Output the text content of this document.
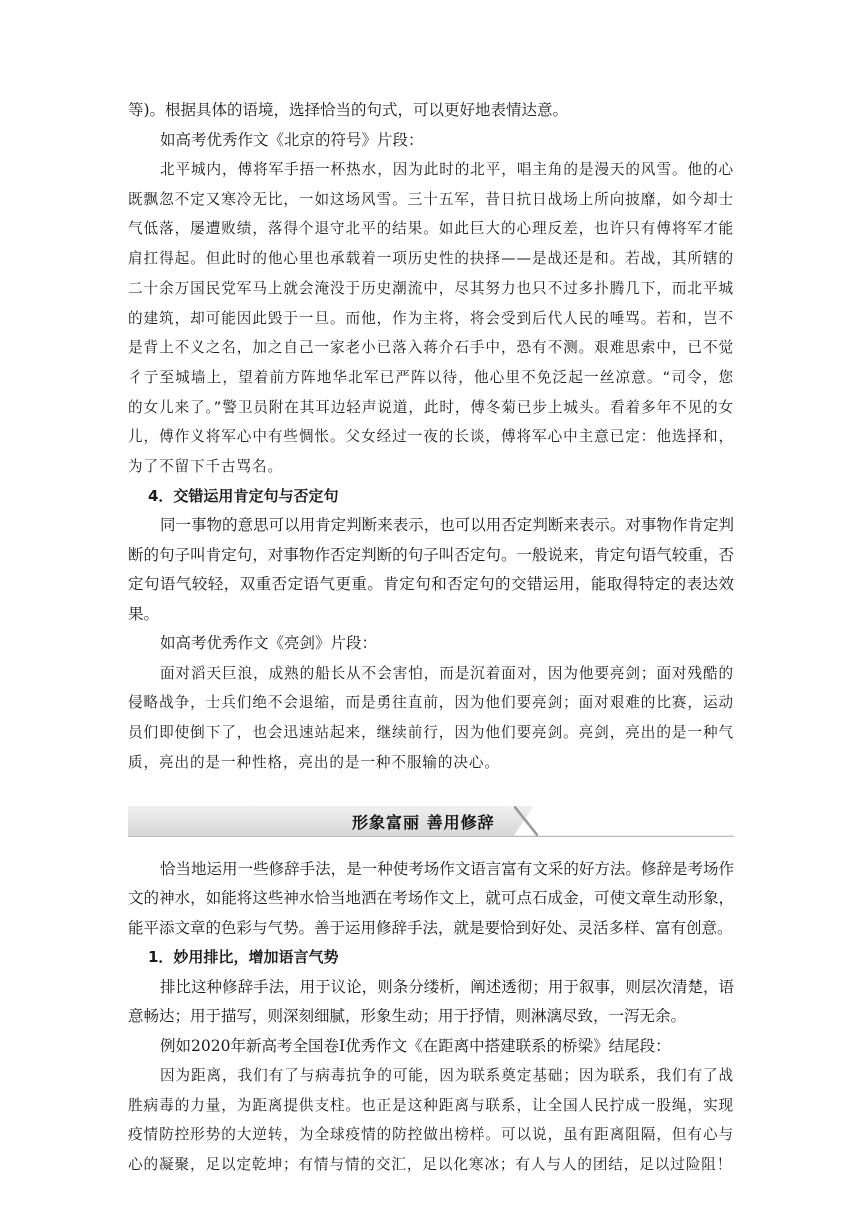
等)。根据具体的语境，选择恰当的句式，可以更好地表情达意。

如高考优秀作文《北京的符号》片段：

北平城内，傅将军手捂一杯热水，因为此时的北平，唱主角的是漫天的风雪。他的心既飘忽不定又寒冷无比，一如这场风雪。三十五军，昔日抗日战场上所向披靡，如今却士气低落，屡遭败绩，落得个退守北平的结果。如此巨大的心理反差，也许只有傅将军才能肩扛得起。但此时的他心里也承载着一项历史性的抉择——是战还是和。若战，其所辖的二十余万国民党军马上就会淹没于历史潮流中，尽其努力也只不过多扑腾几下，而北平城的建筑，却可能因此毁于一旦。而他，作为主将，将会受到后代人民的唾骂。若和，岂不是背上不义之名，加之自己一家老小已落入蒋介石手中，恐有不测。艰难思索中，已不觉彳亍至城墙上，望着前方阵地华北军已严阵以待，他心里不免泛起一丝凉意。“司令，您的女儿来了。”警卫员附在其耳边轻声说道，此时，傅冬菊已步上城头。看着多年不见的女儿，傅作义将军心中有些惆怅。父女经过一夜的长谈，傅将军心中主意已定：他选择和，为了不留下千古骂名。

4．交错运用肯定句与否定句

同一事物的意思可以用肯定判断来表示，也可以用否定判断来表示。对事物作肯定判断的句子叫肯定句，对事物作否定判断的句子叫否定句。一般说来，肯定句语气较重，否定句语气较轻，双重否定语气更重。肯定句和否定句的交错运用，能取得特定的表达效果。

如高考优秀作文《亮剑》片段：

面对滔天巨浪，成熟的船长从不会害怕，而是沉着面对，因为他要亮剑；面对残酷的侵略战争，士兵们绝不会退缩，而是勇往直前，因为他们要亮剑；面对艰难的比赛，运动员们即使倒下了，也会迅速站起来，继续前行，因为他们要亮剑。亮剑，亮出的是一种气质，亮出的是一种性格，亮出的是一种不服输的决心。

形象富丽 善用修辞

恰当地运用一些修辞手法，是一种使考场作文语言富有文采的好方法。修辞是考场作文的神水，如能将这些神水恰当地洒在考场作文上，就可点石成金，可使文章生动形象，能平添文章的色彩与气势。善于运用修辞手法，就是要恰到好处、灵活多样、富有创意。

1．妙用排比，增加语言气势

排比这种修辞手法，用于议论，则条分缕析，阐述透彻；用于叙事，则层次清楚，语意畅达；用于描写，则深刻细腻，形象生动；用于抒情，则淋漓尽致，一泻无余。

例如2020年新高考全国卷Ⅰ优秀作文《在距离中搭建联系的桥梁》结尾段：

因为距离，我们有了与病毒抗争的可能，因为联系奠定基础；因为联系，我们有了战胜病毒的力量，为距离提供支柱。也正是这种距离与联系，让全国人民拧成一股绳，实现疫情防控形势的大逆转，为全球疫情的防控做出榜样。可以说，虽有距离阻隔，但有心与心的凝聚，足以定乾坤；有情与情的交汇，足以化寒冰；有人与人的团结，足以过险阻！
